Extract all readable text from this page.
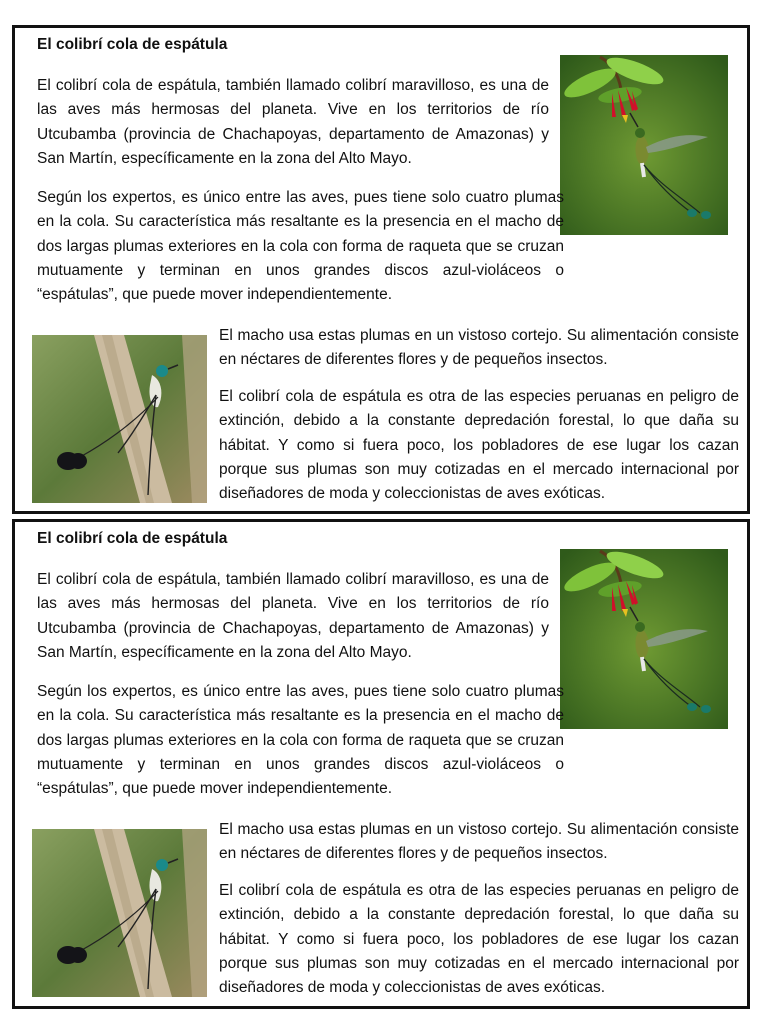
El colibrí cola de espátula

El colibrí cola de espátula, también llamado colibrí maravilloso, es una de las aves más hermosas del planeta. Vive en los territorios de río Utcubamba (provincia de Chachapoyas, departamento de Amazonas) y San Martín, específicamente en la zona del Alto Mayo.

Según los expertos, es único entre las aves, pues tiene solo cuatro plumas en la cola. Su característica más resaltante es la presencia en el macho de dos largas plumas exteriores en la cola con forma de raqueta que se cruzan mutuamente y terminan en unos grandes discos azul-violáceos o “espátulas”, que puede mover independientemente.

El macho usa estas plumas en un vistoso cortejo. Su alimentación consiste en néctares de diferentes flores y de pequeños insectos.

El colibrí cola de espátula es otra de las especies peruanas en peligro de extinción, debido a la constante depredación forestal, lo que daña su hábitat. Y como si fuera poco, los pobladores de ese lugar los cazan porque sus plumas son muy cotizadas en el mercado internacional por diseñadores de moda y coleccionistas de aves exóticas.

El colibrí cola de espátula

El colibrí cola de espátula, también llamado colibrí maravilloso, es una de las aves más hermosas del planeta. Vive en los territorios de río Utcubamba (provincia de Chachapoyas, departamento de Amazonas) y San Martín, específicamente en la zona del Alto Mayo.

Según los expertos, es único entre las aves, pues tiene solo cuatro plumas en la cola. Su característica más resaltante es la presencia en el macho de dos largas plumas exteriores en la cola con forma de raqueta que se cruzan mutuamente y terminan en unos grandes discos azul-violáceos o “espátulas”, que puede mover independientemente.

El macho usa estas plumas en un vistoso cortejo. Su alimentación consiste en néctares de diferentes flores y de pequeños insectos.

El colibrí cola de espátula es otra de las especies peruanas en peligro de extinción, debido a la constante depredación forestal, lo que daña su hábitat. Y como si fuera poco, los pobladores de ese lugar los cazan porque sus plumas son muy cotizadas en el mercado internacional por diseñadores de moda y coleccionistas de aves exóticas.
